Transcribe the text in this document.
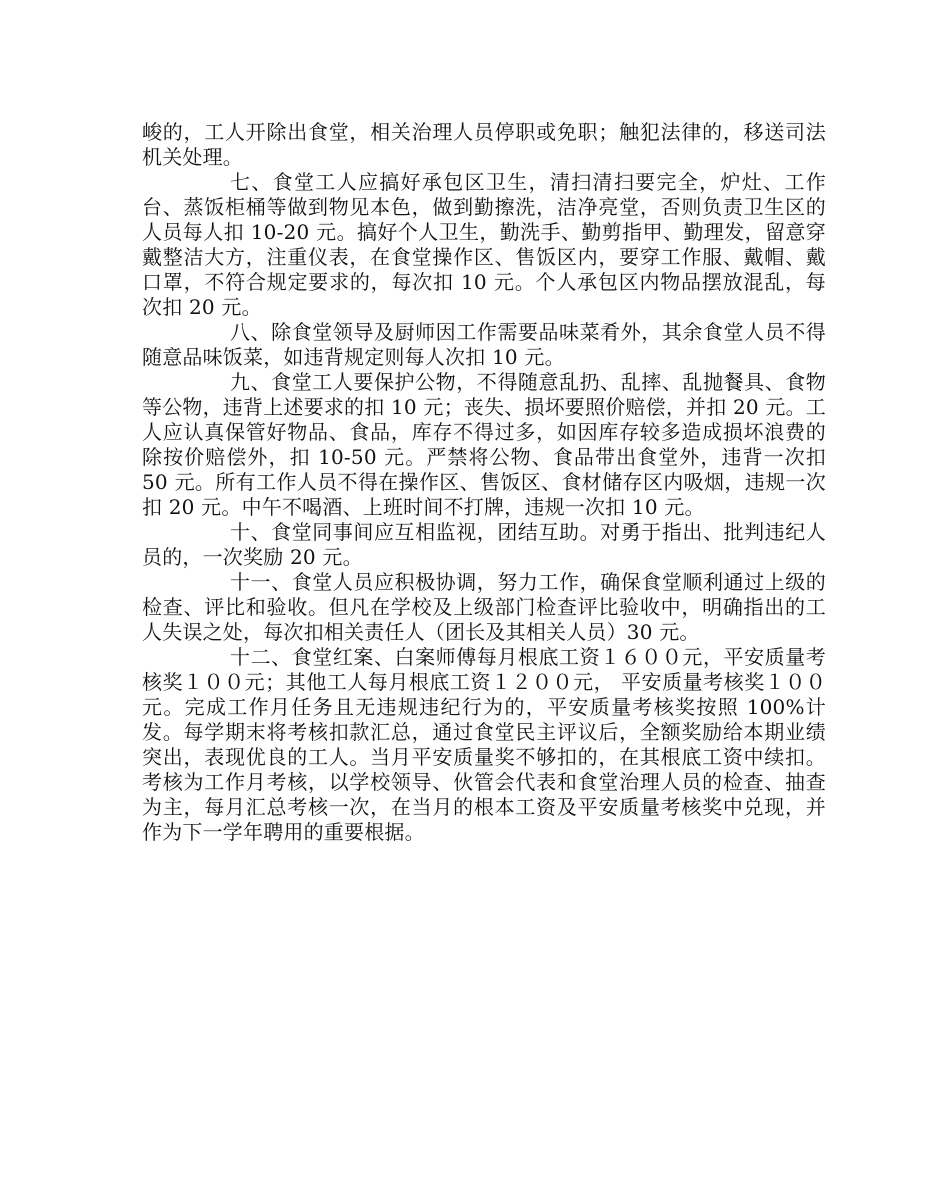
峻的，工人开除出食堂，相关治理人员停职或免职；触犯法律的，移送司法机关处理。

七、食堂工人应搞好承包区卫生，清扫清扫要完全，炉灶、工作台、蒸饭柜桶等做到物见本色，做到勤擦洗，洁净亮堂，否则负责卫生区的人员每人扣 10-20 元。搞好个人卫生，勤洗手、勤剪指甲、勤理发，留意穿戴整洁大方，注重仪表，在食堂操作区、售饭区内，要穿工作服、戴帽、戴口罩，不符合规定要求的，每次扣 10 元。个人承包区内物品摆放混乱，每次扣 20 元。

八、除食堂领导及厨师因工作需要品味菜肴外，其余食堂人员不得随意品味饭菜，如违背规定则每人次扣 10 元。

九、食堂工人要保护公物，不得随意乱扔、乱摔、乱抛餐具、食物等公物，违背上述要求的扣 10 元；丧失、损坏要照价赔偿，并扣 20 元。工人应认真保管好物品、食品，库存不得过多，如因库存较多造成损坏浪费的除按价赔偿外，扣 10-50 元。严禁将公物、食品带出食堂外，违背一次扣 50 元。所有工作人员不得在操作区、售饭区、食材储存区内吸烟，违规一次扣 20 元。中午不喝酒、上班时间不打牌，违规一次扣 10 元。

十、食堂同事间应互相监视，团结互助。对勇于指出、批判违纪人员的，一次奖励 20 元。

十一、食堂人员应积极协调，努力工作，确保食堂顺利通过上级的检查、评比和验收。但凡在学校及上级部门检查评比验收中，明确指出的工人失误之处，每次扣相关责任人（团长及其相关人员）30 元。

十二、食堂红案、白案师傅每月根底工资１６００元，平安质量考核奖１００元；其他工人每月根底工资１２００元， 平安质量考核奖１００元。完成工作月任务且无违规违纪行为的，平安质量考核奖按照 100%计发。每学期末将考核扣款汇总，通过食堂民主评议后，全额奖励给本期业绩突出，表现优良的工人。当月平安质量奖不够扣的，在其根底工资中续扣。考核为工作月考核，以学校领导、伙管会代表和食堂治理人员的检查、抽查为主，每月汇总考核一次，在当月的根本工资及平安质量考核奖中兑现，并作为下一学年聘用的重要根据。
